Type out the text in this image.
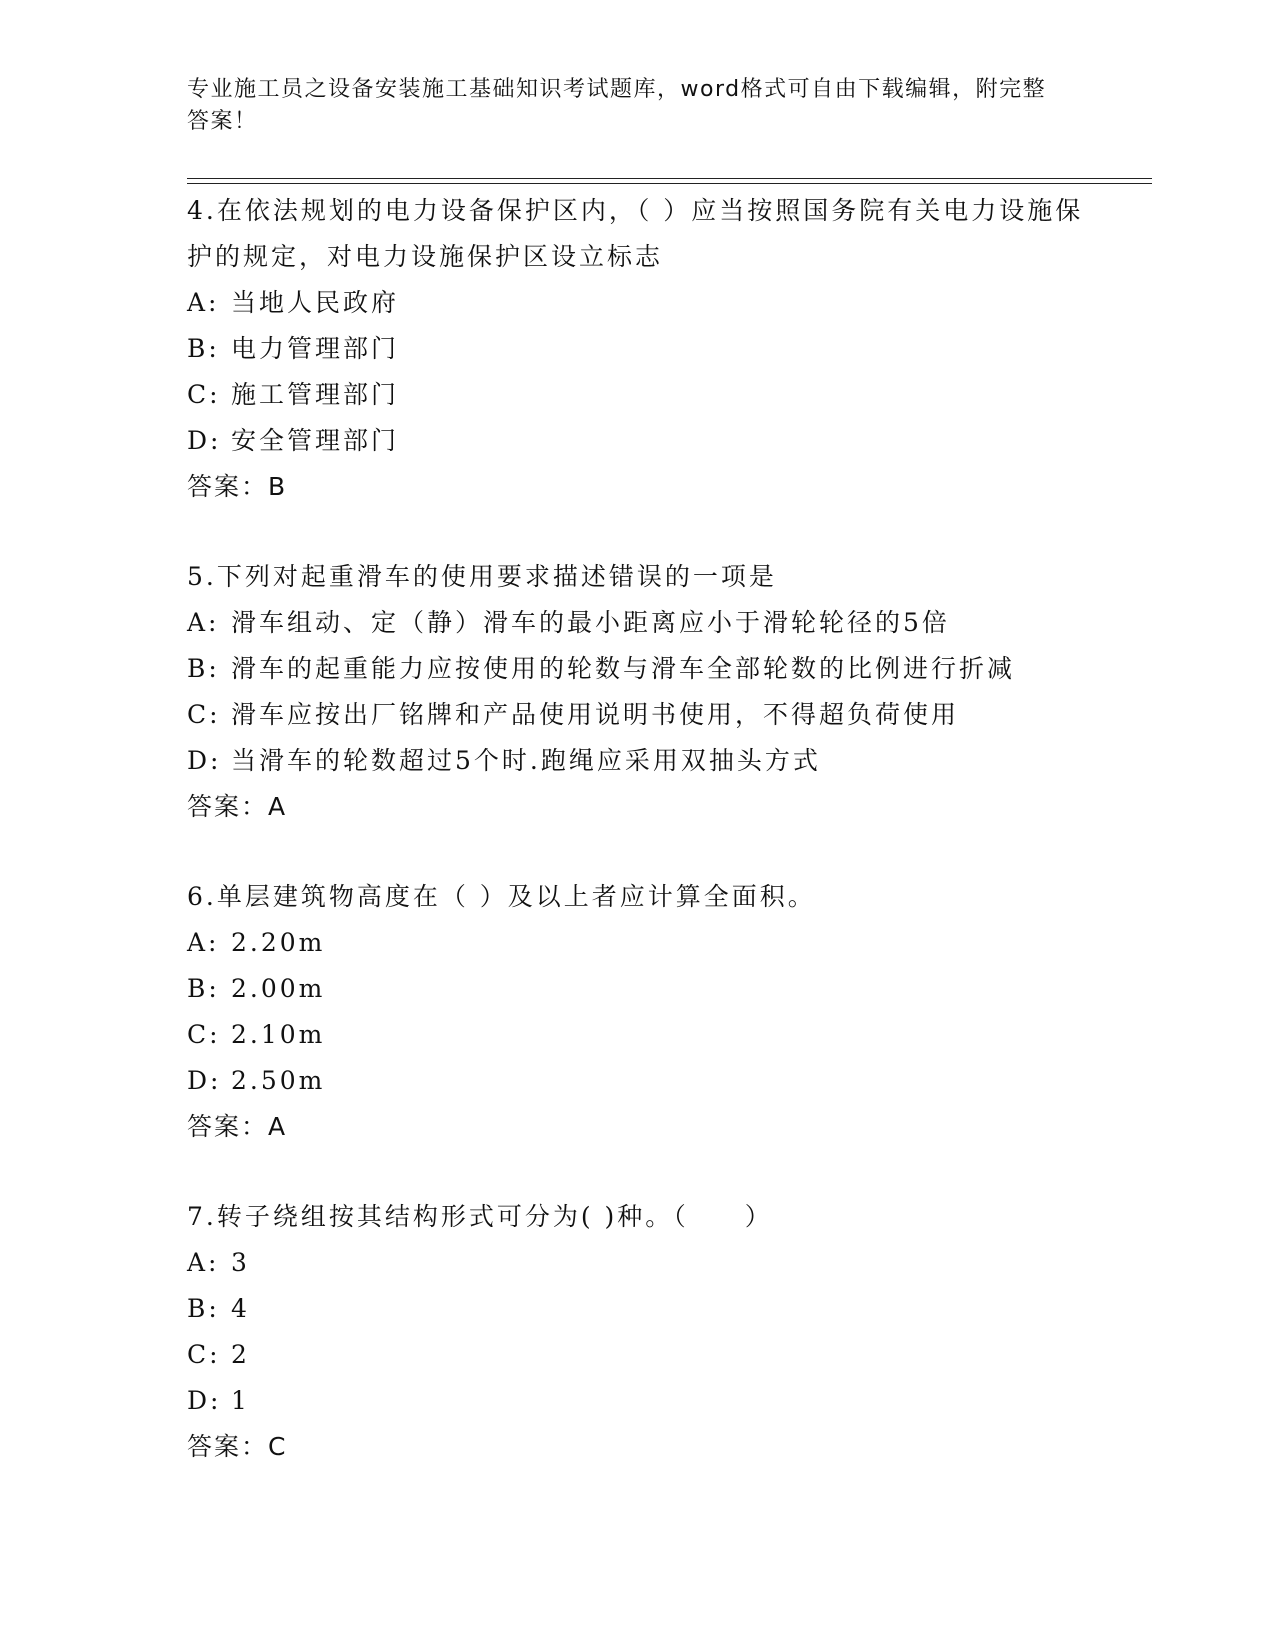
专业施工员之设备安装施工基础知识考试题库，word格式可自由下载编辑，附完整答案！

4.在依法规划的电力设备保护区内，（ ）应当按照国务院有关电力设施保护的规定，对电力设施保护区设立标志

A: 当地人民政府
B: 电力管理部门
C: 施工管理部门
D: 安全管理部门
答案：B

5.下列对起重滑车的使用要求描述错误的一项是

A: 滑车组动、定（静）滑车的最小距离应小于滑轮轮径的5倍
B: 滑车的起重能力应按使用的轮数与滑车全部轮数的比例进行折减
C: 滑车应按出厂铭牌和产品使用说明书使用，不得超负荷使用
D: 当滑车的轮数超过5个时.跑绳应采用双抽头方式
答案：A

6.单层建筑物高度在（ ）及以上者应计算全面积。

A: 2.20m
B: 2.00m
C: 2.10m
D: 2.50m
答案：A

7.转子绕组按其结构形式可分为( )种。（　　）

A: 3
B: 4
C: 2
D: 1
答案：C
